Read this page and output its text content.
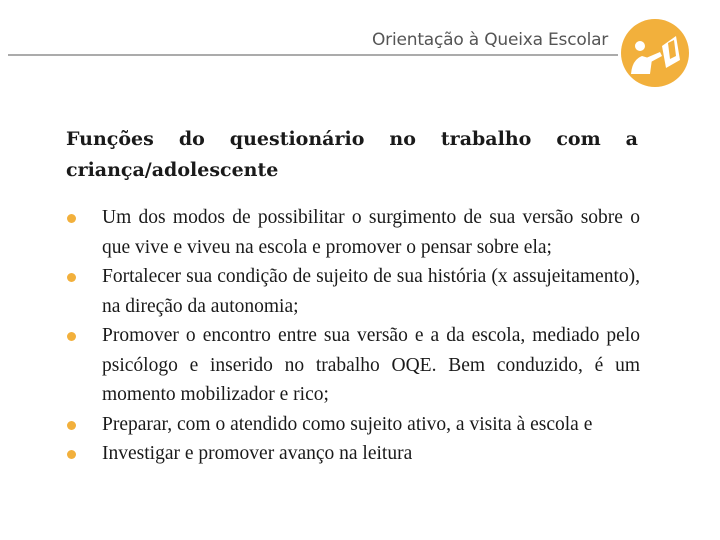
Orientação à Queixa Escolar
Funções do questionário no trabalho com a criança/adolescente
Um dos modos de possibilitar o surgimento de sua versão sobre o que vive e viveu na escola e promover o pensar sobre ela;
Fortalecer sua condição de sujeito de sua história (x assujeitamento), na direção da autonomia;
Promover o encontro entre sua versão e a da escola, mediado pelo psicólogo e inserido no trabalho OQE. Bem conduzido, é um momento mobilizador e rico;
Preparar, com o atendido como sujeito ativo, a visita à escola e
Investigar e promover avanço na leitura
